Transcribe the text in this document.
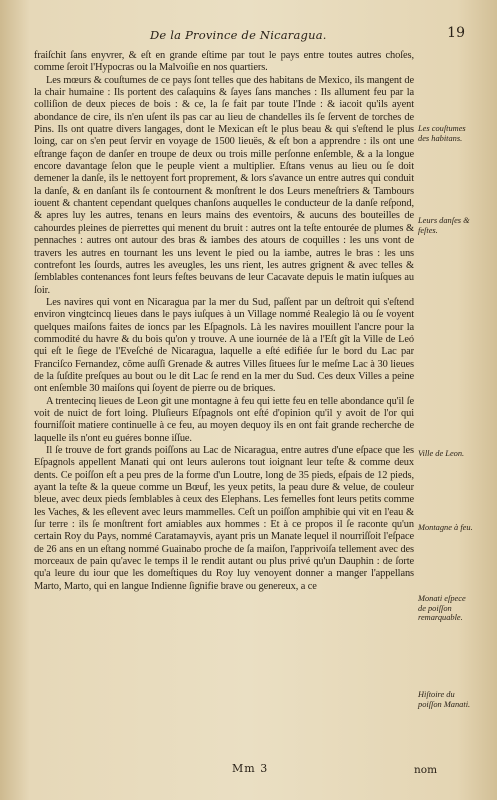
De la Province de Nicaragua.	19

fraiſchit ſans enyvrer, & eſt en grande eſtime par tout le pays entre toutes autres choſes, comme ſeroit l'Hypocras ou la Malvoiſie en nos quartiers.

Les mœurs & couſtumes de ce pays ſont telles que des habitans de Mexico, ils mangent de la chair humaine : Ils portent des caſaquins & ſayes ſans manches : Ils allument feu par la colliſion de deux pieces de bois : & ce, la ſe fait par toute l'Inde : & iacoit qu'ils ayent abondance de cire, ils n'en uſent ils pas car au lieu de chandelles ils ſe ſervent de torches de Pins. Ils ont quatre divers langages, dont le Mexican eſt le plus beau & qui s'eſtend le plus loing, car on s'en peut ſervir en voyage de 1500 lieuës, & eſt bon a apprendre : ils ont une eſtrange façon de danſer en troupe de deux ou trois mille perſonne enſemble, & a la longue encore davantage ſelon que le peuple vient a multiplier. Eſtans venus au lieu ou ſe doit demener la danſe, ils le nettoyent fort proprement, & lors s'avance un entre autres qui conduit la danſe, & en danſant ils ſe contournent & monſtrent le dos Leurs meneſtriers & Tambours iouent & chantent cependant quelques chanſons auquelles le conducteur de la danſe reſpond, & apres luy les autres, tenans en leurs mains des eventoirs, & aucuns des bouteilles de cahourdes pleines de pierrettes qui menent du bruit : autres ont la teſte entourée de plumes & pennaches : autres ont autour des bras & iambes des atours de coquilles : les uns vont de travers les autres en tournant les uns levent le pied ou la iambe, autres le bras : les uns contrefont les ſourds, autres les aveugles, les uns rient, les autres grignent & avec telles & ſemblables contenances font leurs feſtes beuvans de leur Cacavate depuis le matin iuſques au ſoir.

Les navires qui vont en Nicaragua par la mer du Sud, paſſent par un deſtroit qui s'eſtend environ vingtcincq lieues dans le pays iuſques à un Village nommé Realegio là ou ſe voyent quelques maiſons faites de ioncs par les Eſpagnols. Là les navires mouillent l'ancre pour la commodité du havre & du bois qu'on y trouve. A une iournée de là a l'Eſt gît la Ville de Leó qui eſt le ſiege de l'Eveſché de Nicaragua, laquelle a eſté edifiée ſur le bord du Lac par Franciſco Fernandez, cõme auſſi Grenade & autres Villes ſituees ſur le meſme Lac à 30 lieues de la ſuſdite preſques au bout ou le dit Lac ſe rend en la mer du Sud. Ces deux Villes a peine ont enſemble 30 maiſons qui ſoyent de pierre ou de briques.

A trentecinq lieues de Leon git une montagne à feu qui iette feu en telle abondance qu'il ſe voit de nuict de fort loing. Pluſieurs Eſpagnols ont eſté d'opinion qu'il y avoit de l'or qui fourniſſoit matiere continuelle à ce feu, au moyen dequoy ils en ont fait grande recherche de laquelle ils n'ont eu guéres bonne iſſue.

Il ſe trouve de fort grands poiſſons au Lac de Nicaragua, entre autres d'une eſpace que les Eſpagnols appellent Manati qui ont leurs aulerons tout ioignant leur teſte & comme deux dents. Ce poiſſon eſt a peu pres de la forme d'un Loutre, long de 35 pieds, eſpais de 12 pieds, ayant la teſte & la queue comme un Bœuf, les yeux petits, la peau dure & velue, de couleur bleue, avec deux pieds ſemblables à ceux des Elephans. Les femelles font leurs petits comme les Vaches, & les eſlevent avec leurs mammelles. Ceſt un poiſſon amphibie qui vit en l'eau & ſur terre : ils ſe monſtrent fort amiables aux hommes : Et à ce propos il ſe raconte qu'un certain Roy du Pays, nommé Caratamayvis, ayant pris un Manate lequel il nourriſſoit l'eſpace de 26 ans en un eſtang nommé Guainabo proche de ſa maiſon, l'apprivoiſa tellement avec des morceaux de pain qu'avec le temps il le rendit autant ou plus privé qu'un Dauphin : de ſorte qu'a leure du iour que les domeſtiques du Roy luy venoyent donner a manger l'appellans Marto, Marto, qui en langue Indienne ſignifie brave ou genereux, a ce

Les couſtumes des habitans.
Leurs danſes & feſtes.
Ville de Leon.
Montagne à feu.
Monati eſpece de poiſſon remarquable.
Hiſtoire du poiſſon Manati.
Mm 3	nom
